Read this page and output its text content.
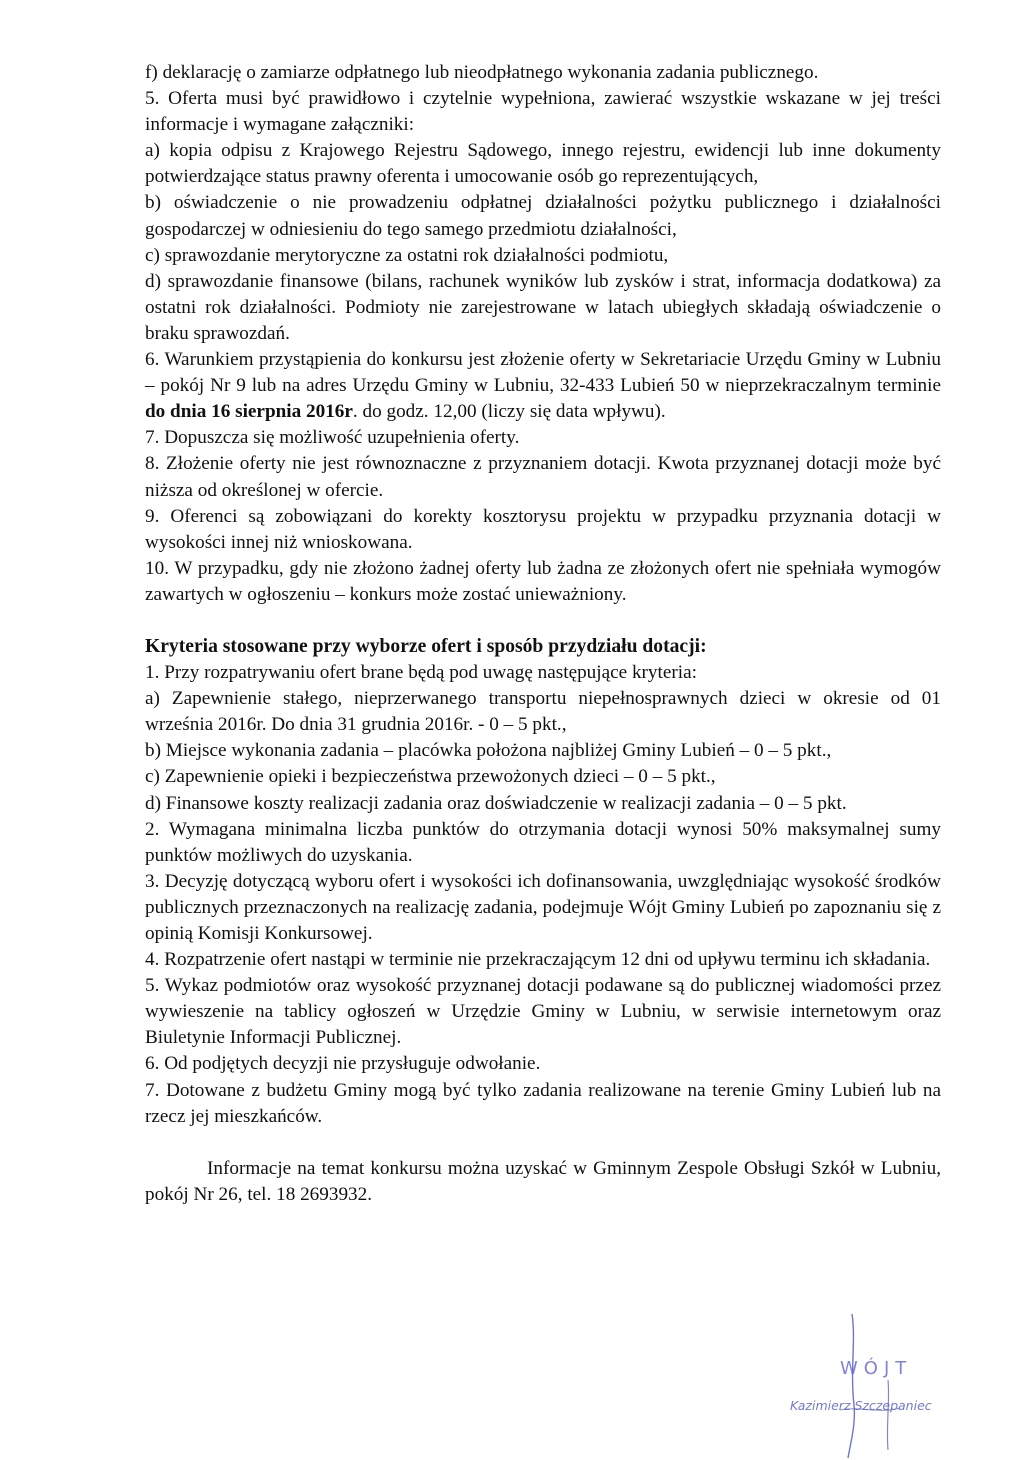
f) deklarację o zamiarze odpłatnego lub nieodpłatnego wykonania zadania publicznego.

5. Oferta musi być prawidłowo i czytelnie wypełniona, zawierać wszystkie wskazane w jej treści informacje i wymagane załączniki:

a) kopia odpisu z Krajowego Rejestru Sądowego, innego rejestru, ewidencji lub inne dokumenty potwierdzające status prawny oferenta i umocowanie osób go reprezentujących,

b) oświadczenie o nie prowadzeniu odpłatnej działalności pożytku publicznego i działalności gospodarczej w odniesieniu do tego samego przedmiotu działalności,

c) sprawozdanie merytoryczne za ostatni rok działalności podmiotu,

d) sprawozdanie finansowe (bilans, rachunek wyników lub zysków i strat, informacja dodatkowa) za ostatni rok działalności. Podmioty nie zarejestrowane w latach ubiegłych składają oświadczenie o braku sprawozdań.

6. Warunkiem przystąpienia do konkursu jest złożenie oferty w Sekretariacie Urzędu Gminy w Lubniu – pokój Nr 9 lub na adres Urzędu Gminy w Lubniu, 32-433 Lubień 50 w nieprzekraczalnym terminie do dnia 16 sierpnia 2016r. do godz. 12,00 (liczy się data wpływu).

7. Dopuszcza się możliwość uzupełnienia oferty.

8. Złożenie oferty nie jest równoznaczne z przyznaniem dotacji. Kwota przyznanej dotacji może być niższa od określonej w ofercie.

9. Oferenci są zobowiązani do korekty kosztorysu projektu w przypadku przyznania dotacji w wysokości innej niż wnioskowana.

10. W przypadku, gdy nie złożono żadnej oferty lub żadna ze złożonych ofert nie spełniała wymogów zawartych w ogłoszeniu – konkurs może zostać unieważniony.

Kryteria stosowane przy wyborze ofert i sposób przydziału dotacji:

1. Przy rozpatrywaniu ofert brane będą pod uwagę następujące kryteria:

a) Zapewnienie stałego, nieprzerwanego transportu niepełnosprawnych dzieci w okresie od 01 września 2016r. Do dnia 31 grudnia 2016r. - 0 – 5 pkt.,

b) Miejsce wykonania zadania – placówka położona najbliżej Gminy Lubień – 0 – 5 pkt.,

c) Zapewnienie opieki i bezpieczeństwa przewożonych dzieci – 0 – 5 pkt.,

d) Finansowe koszty realizacji zadania oraz doświadczenie w realizacji zadania – 0 – 5 pkt.

2. Wymagana minimalna liczba punktów do otrzymania dotacji wynosi 50% maksymalnej sumy punktów możliwych do uzyskania.

3. Decyzję dotyczącą wyboru ofert i wysokości ich dofinansowania, uwzględniając wysokość środków publicznych przeznaczonych na realizację zadania, podejmuje Wójt Gminy Lubień po zapoznaniu się z opinią Komisji Konkursowej.

4. Rozpatrzenie ofert nastąpi w terminie nie przekraczającym 12 dni od upływu terminu ich składania.

5. Wykaz podmiotów oraz wysokość przyznanej dotacji podawane są do publicznej wiadomości przez wywieszenie na tablicy ogłoszeń w Urzędzie Gminy w Lubniu, w serwisie internetowym oraz Biuletynie Informacji Publicznej.

6. Od podjętych decyzji nie przysługuje odwołanie.

7. Dotowane z budżetu Gminy mogą być tylko zadania realizowane na terenie Gminy Lubień lub na rzecz jej mieszkańców.

Informacje na temat konkursu można uzyskać w Gminnym Zespole Obsługi Szkół w Lubniu, pokój Nr 26, tel. 18 2693932.

WÓJT
Kazimierz Szczepaniec
